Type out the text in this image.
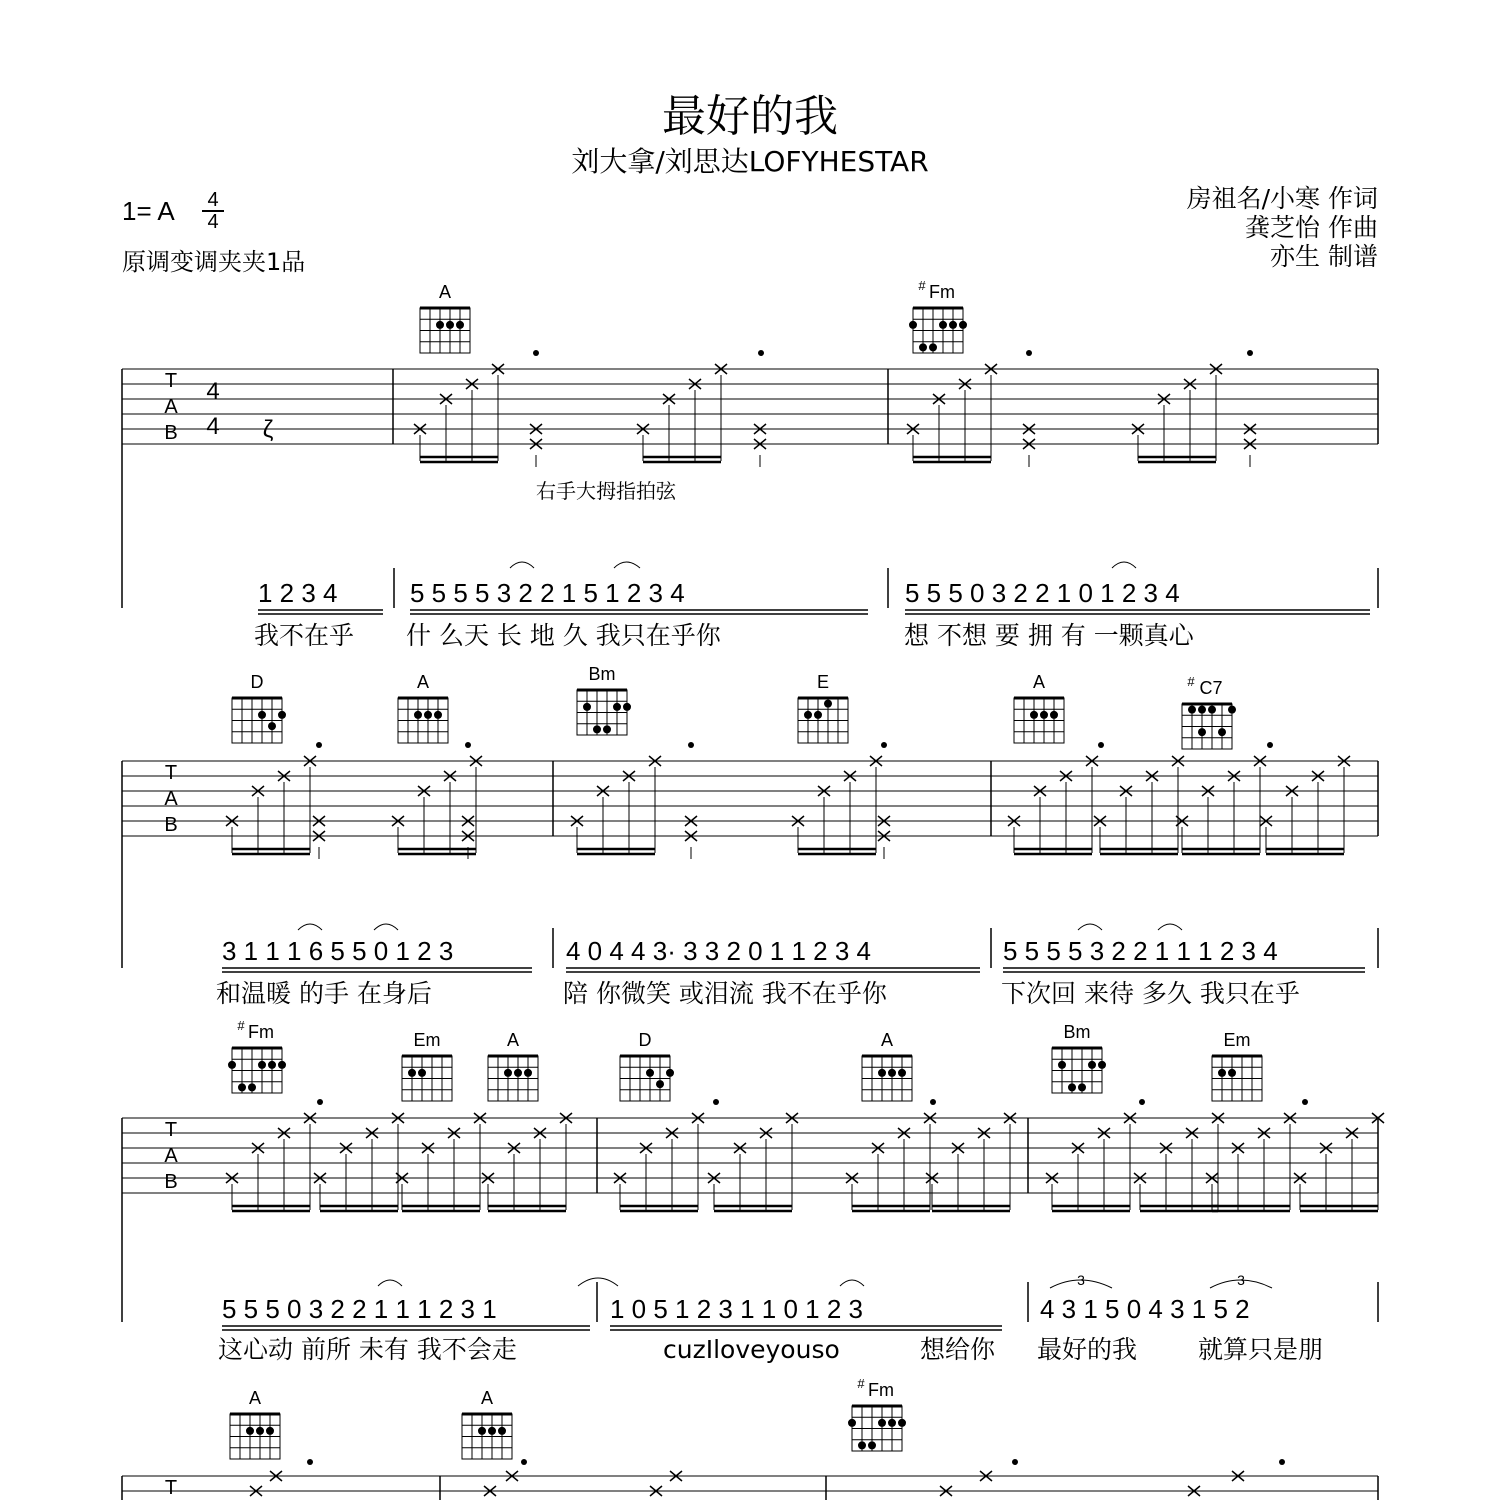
最好的我
刘大拿/刘思达LOFYHESTAR
1= A 4
4
原调变调夹夹1品
房祖名/小寒 作词
龚芝怡 作曲
亦生 制谱
T
A
B
4
4 ζ
A	Fm
#
右手大拇指拍弦
1 2 3 4	5 5 5 5 3 2 2 1 5 1 2 3 4	5 5 5 0 3 2 2 1 0 1 2 3 4
我不在乎 什 么天 长 地 久 我只在乎你	想 不想 要 拥 有 一颗真心
T
A
B
D	A	Bm	E	A	C7
#
3 1 1 1 6 5 5 0 1 2 3	4 0 4 4 3· 3 3 2 0 1 1 2 3 4	5 5 5 5 3 2 2 1 1 1 2 3 4
和温暖 的手 在身后	陪 你微笑 或泪流 我不在乎你	下次回 来待 多久 我只在乎
T
A
B
Fm
#
Em	A	D	A	Bm	Em
5 5 5 0 3 2 2 1 1 1 2 3 1	1 0 5 1 2 3 1 1 0 1 2 3	4 3 1 5 0 4 3 1 5 2
这心动 前所 未有 我不会走	cuzIloveyouso	想给你 最好的我 就算只是朋
3	3
A	A	Fm
#
T
